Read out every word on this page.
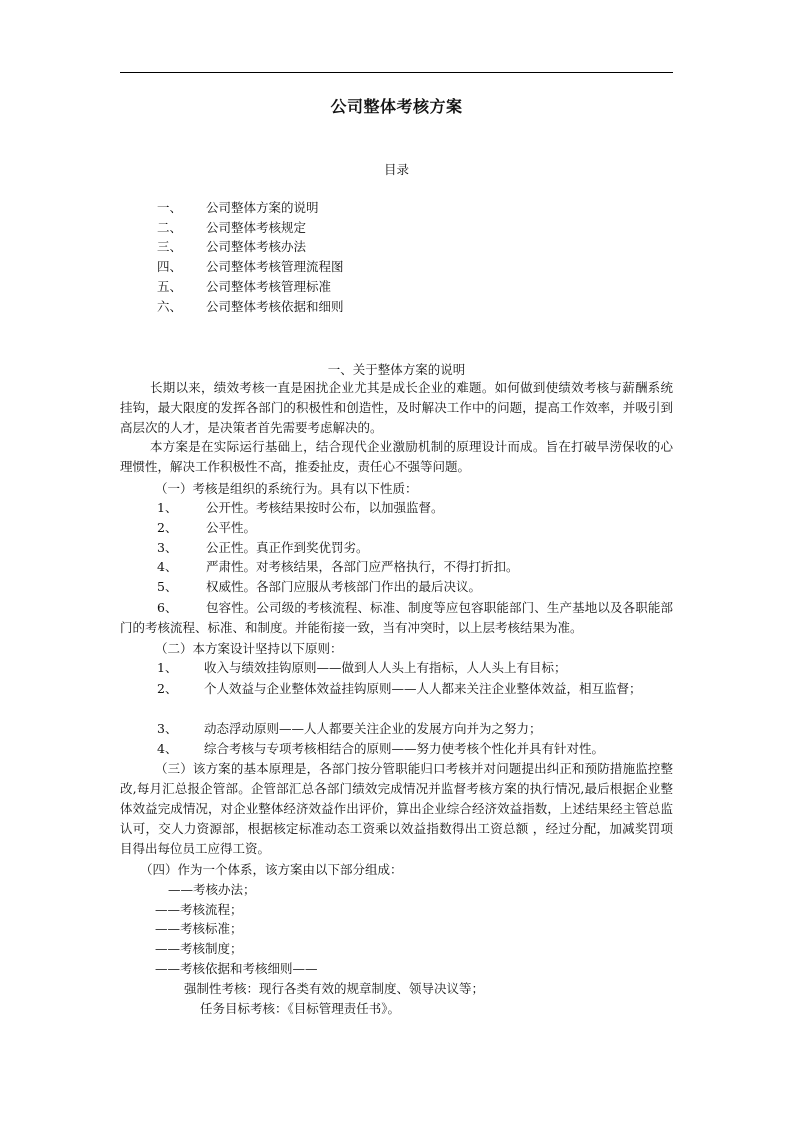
公司整体考核方案
目录
一、 公司整体方案的说明
二、 公司整体考核规定
三、 公司整体考核办法
四、 公司整体考核管理流程图
五、 公司整体考核管理标准
六、 公司整体考核依据和细则
一、关于整体方案的说明
长期以来，绩效考核一直是困扰企业尤其是成长企业的难题。如何做到使绩效考核与薪酬系统挂钩，最大限度的发挥各部门的积极性和创造性，及时解决工作中的问题，提高工作效率，并吸引到高层次的人才，是决策者首先需要考虑解决的。
本方案是在实际运行基础上，结合现代企业激励机制的原理设计而成。旨在打破旱涝保收的心理惯性，解决工作积极性不高，推委扯皮，责任心不强等问题。
（一）考核是组织的系统行为。具有以下性质：
1、 公开性。考核结果按时公布，以加强监督。
2、 公平性。
3、 公正性。真正作到奖优罚劣。
4、 严肃性。对考核结果，各部门应严格执行，不得打折扣。
5、 权威性。各部门应服从考核部门作出的最后决议。
6、	包容性。公司级的考核流程、标准、制度等应包容职能部门、生产基地以及各职能部门的考核流程、标准、和制度。并能衔接一致，当有冲突时，以上层考核结果为准。
（二）本方案设计坚持以下原则：
1、 收入与绩效挂钩原则——做到人人头上有指标，人人头上有目标；
2、 个人效益与企业整体效益挂钩原则——人人都来关注企业整体效益，相互监督；
3、 动态浮动原则——人人都要关注企业的发展方向并为之努力；
4、 综合考核与专项考核相结合的原则——努力使考核个性化并具有针对性。
（三）该方案的基本原理是，各部门按分管职能归口考核并对问题提出纠正和预防措施监控整改,每月汇总报企管部。企管部汇总各部门绩效完成情况并监督考核方案的执行情况,最后根据企业整体效益完成情况，对企业整体经济效益作出评价，算出企业综合经济效益指数，上述结果经主管总监认可，交人力资源部，根据核定标准动态工资乘以效益指数得出工资总额 ，经过分配，加减奖罚项目得出每位员工应得工资。
（四）作为一个体系，该方案由以下部分组成：
——考核办法；
——考核流程；
——考核标准；
——考核制度；
——考核依据和考核细则——
强制性考核：现行各类有效的规章制度、领导决议等；
任务目标考核：《目标管理责任书》。
